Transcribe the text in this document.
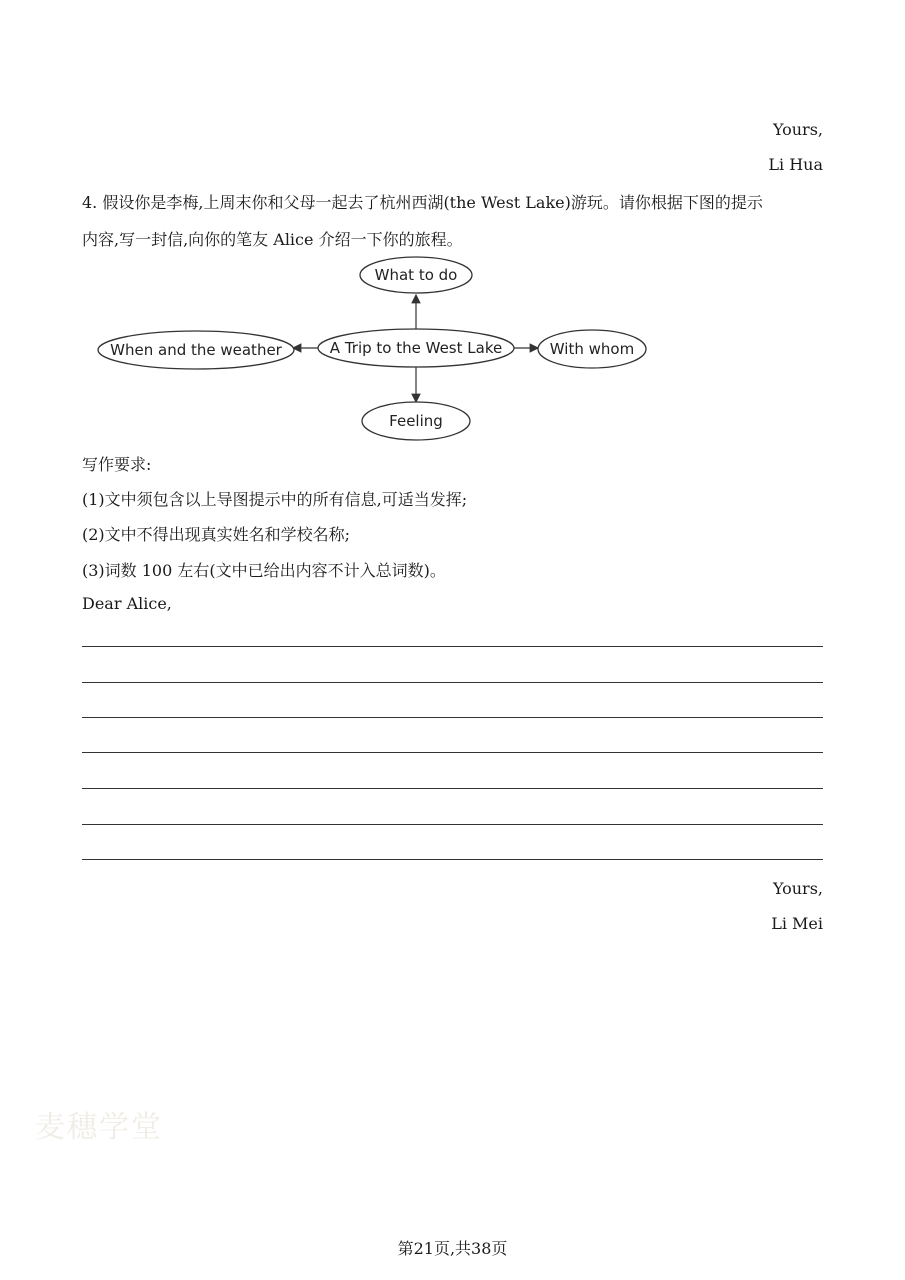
Yours,
Li Hua
4. 假设你是李梅,上周末你和父母一起去了杭州西湖(the West Lake)游玩。请你根据下图的提示
内容,写一封信,向你的笔友 Alice 介绍一下你的旅程。
What to do
A Trip to the West Lake
When and the weather	With whom
Feeling
写作要求:
(1)文中须包含以上导图提示中的所有信息,可适当发挥;
(2)文中不得出现真实姓名和学校名称;
(3)词数 100 左右(文中已给出内容不计入总词数)。
Dear Alice,
Yours,
Li Mei
麦穗学堂
第21页,共38页
